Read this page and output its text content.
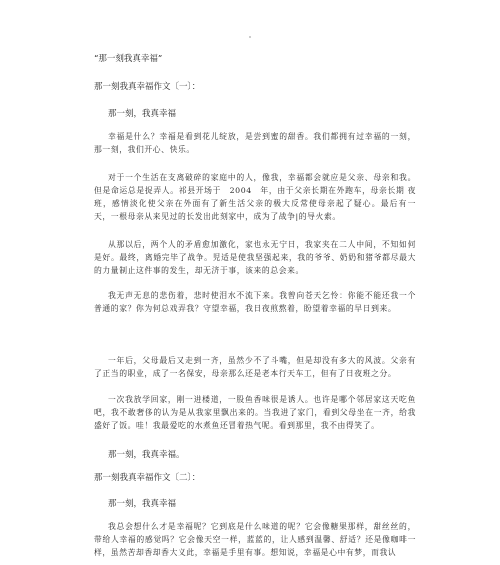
“那一刻我真幸福”
那一刻我真幸福作文〔一〕：
那一刻，我真幸福
幸福是什么？幸福是看到花儿绽放，是尝到蜜的甜香。我们都拥有过幸福的一刻，那一刻，我们开心、快乐。
对于一个生活在支离破碎的家庭中的人，像我，幸福都会就应是父亲、母亲和我。但是命运总是捉弄人。祁县开场于　2004　年，由于父亲长期在外跑车，母亲长期 夜班，感情淡化使父亲在外面有了新生活父亲的极大反常使母亲起了疑心。最后有一 天，一根母亲从来见过的长发出此刻家中，成为了战争|的导火索。
从那以后，两个人的矛盾愈加激化，家也永无宁日，我家夹在二人中间，不知如何是好。最终，离婚完毕了战争。児适是使我坚强起来，我的爷爷、奶奶和猪爷都尽最大的力量制止这件事的发生，却无济于事，该来的总会来。
我无声无息的悲伤着，悲时使泪水不流下来。我曾向苍天乞怜：你能不能还我一个普通的家？你为何总戏弄我？守望幸福，我日夜煎熬着，盼望着幸福的早日到来。
一年后，父母最后又走到一齐，虽然少不了斗嘴，但是却没有多大的风波。父亲有了正当的职业，成了一名保安，母亲那么还是老本行天车工，但有了日夜班之分。
一次我放学回家，刚一进楼道，一股鱼香味很是诱人。也许是哪个邻居家这天吃鱼吧，我不敢奢侈的认为是从我家里飘出来的。当我进了家门，看到父母坐在一齐，给我盛好了饭。哇！我最爱吃的水煮鱼还冒着热气呢。看到那里，我不由得笑了。
那一刻，我真幸福。
那一刻我真幸福作文〔二〕：
那一刻，我真幸福
我总会想什么才是幸福呢？它到底是什么味道的呢？它会像糖果那样，甜丝丝的，带给人幸福的感觉吗？它会像天空一样，蓝蓝的，让人感到温馨、舒适？还是像咖啡一样，虽然苦却香却香大义此，幸福是手里有事。想知说，幸福是心中有梦，而我认
